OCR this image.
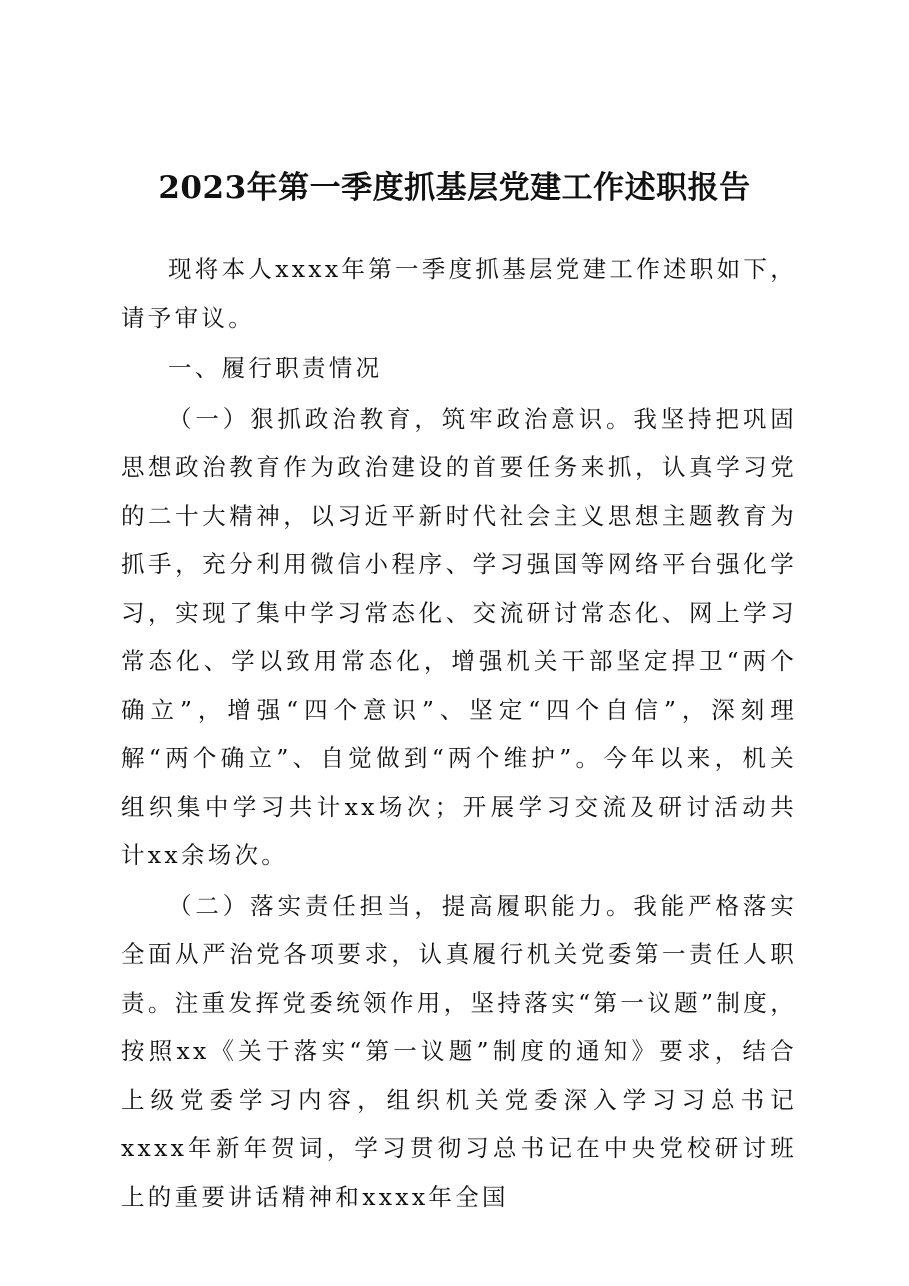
2023年第一季度抓基层党建工作述职报告

现将本人xxxx年第一季度抓基层党建工作述职如下，请予审议。

一、履行职责情况

（一）狠抓政治教育，筑牢政治意识。我坚持把巩固思想政治教育作为政治建设的首要任务来抓，认真学习党的二十大精神，以习近平新时代社会主义思想主题教育为抓手，充分利用微信小程序、学习强国等网络平台强化学习，实现了集中学习常态化、交流研讨常态化、网上学习常态化、学以致用常态化，增强机关干部坚定捍卫“两个确立”，增强“四个意识”、坚定“四个自信”，深刻理解“两个确立”、自觉做到“两个维护”。今年以来，机关组织集中学习共计xx场次；开展学习交流及研讨活动共计xx余场次。

（二）落实责任担当，提高履职能力。我能严格落实全面从严治党各项要求，认真履行机关党委第一责任人职责。注重发挥党委统领作用，坚持落实“第一议题”制度，按照xx《关于落实“第一议题”制度的通知》要求，结合上级党委学习内容，组织机关党委深入学习习总书记xxxx年新年贺词，学习贯彻习总书记在中央党校研讨班上的重要讲话精神和xxxx年全国
